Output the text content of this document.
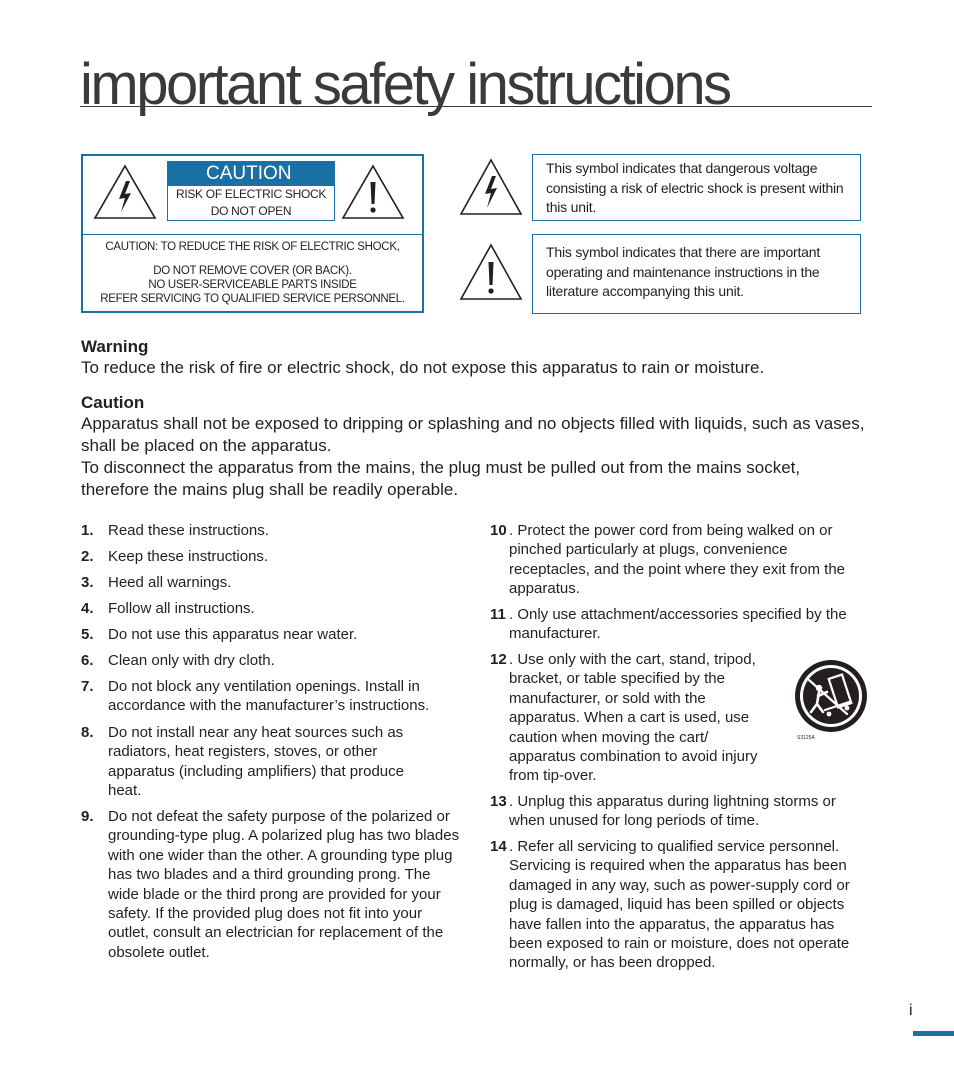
important safety instructions
CAUTION
RISK OF ELECTRIC SHOCK
DO NOT OPEN
CAUTION: TO REDUCE THE RISK OF ELECTRIC SHOCK,
DO NOT REMOVE COVER (OR BACK).
NO USER-SERVICEABLE PARTS INSIDE
REFER SERVICING TO QUALIFIED SERVICE PERSONNEL.
This symbol indicates that dangerous voltage consisting a risk of electric shock is present within this unit.
This symbol indicates that there are important operating and maintenance instructions in the literature accompanying this unit.
Warning

To reduce the risk of fire or electric shock, do not expose this apparatus to rain or moisture.

Caution

Apparatus shall not be exposed to dripping or splashing and no objects filled with liquids, such as vases, shall be placed on the apparatus.

To disconnect the apparatus from the mains, the plug must be pulled out from the mains socket, therefore the mains plug shall be readily operable.

1. Read these instructions.
2. Keep these instructions.
3. Heed all warnings.
4. Follow all instructions.
5. Do not use this apparatus near water.
6. Clean only with dry cloth.
7. Do not block any ventilation openings. Install in accordance with the manufacturer’s instructions.
8. Do not install near any heat sources such as radiators, heat registers, stoves, or other apparatus (including amplifiers) that produce heat.
9. Do not defeat the safety purpose of the polarized or grounding-type plug. A polarized plug has two blades with one wider than the other. A grounding type plug has two blades and a third grounding prong. The wide blade or the third prong are provided for your safety. If the provided plug does not fit into your outlet, consult an electrician for replacement of the obsolete outlet.
10 . Protect the power cord from being walked on or pinched particularly at plugs, convenience receptacles, and the point where they exit from the apparatus.
11 . Only use attachment/accessories specified by the manufacturer.
12 . Use only with the cart, stand, tripod, bracket, or table specified by the manufacturer, or sold with the apparatus. When a cart is used, use caution when moving the cart/ apparatus combination to avoid injury from tip-over.
13 . Unplug this apparatus during lightning storms or when unused for long periods of time.
14 . Refer all servicing to qualified service personnel. Servicing is required when the apparatus has been damaged in any way, such as power-supply cord or plug is damaged, liquid has been spilled or objects have fallen into the apparatus, the apparatus has been exposed to rain or moisture, does not operate normally, or has been dropped.
S3125A
i
